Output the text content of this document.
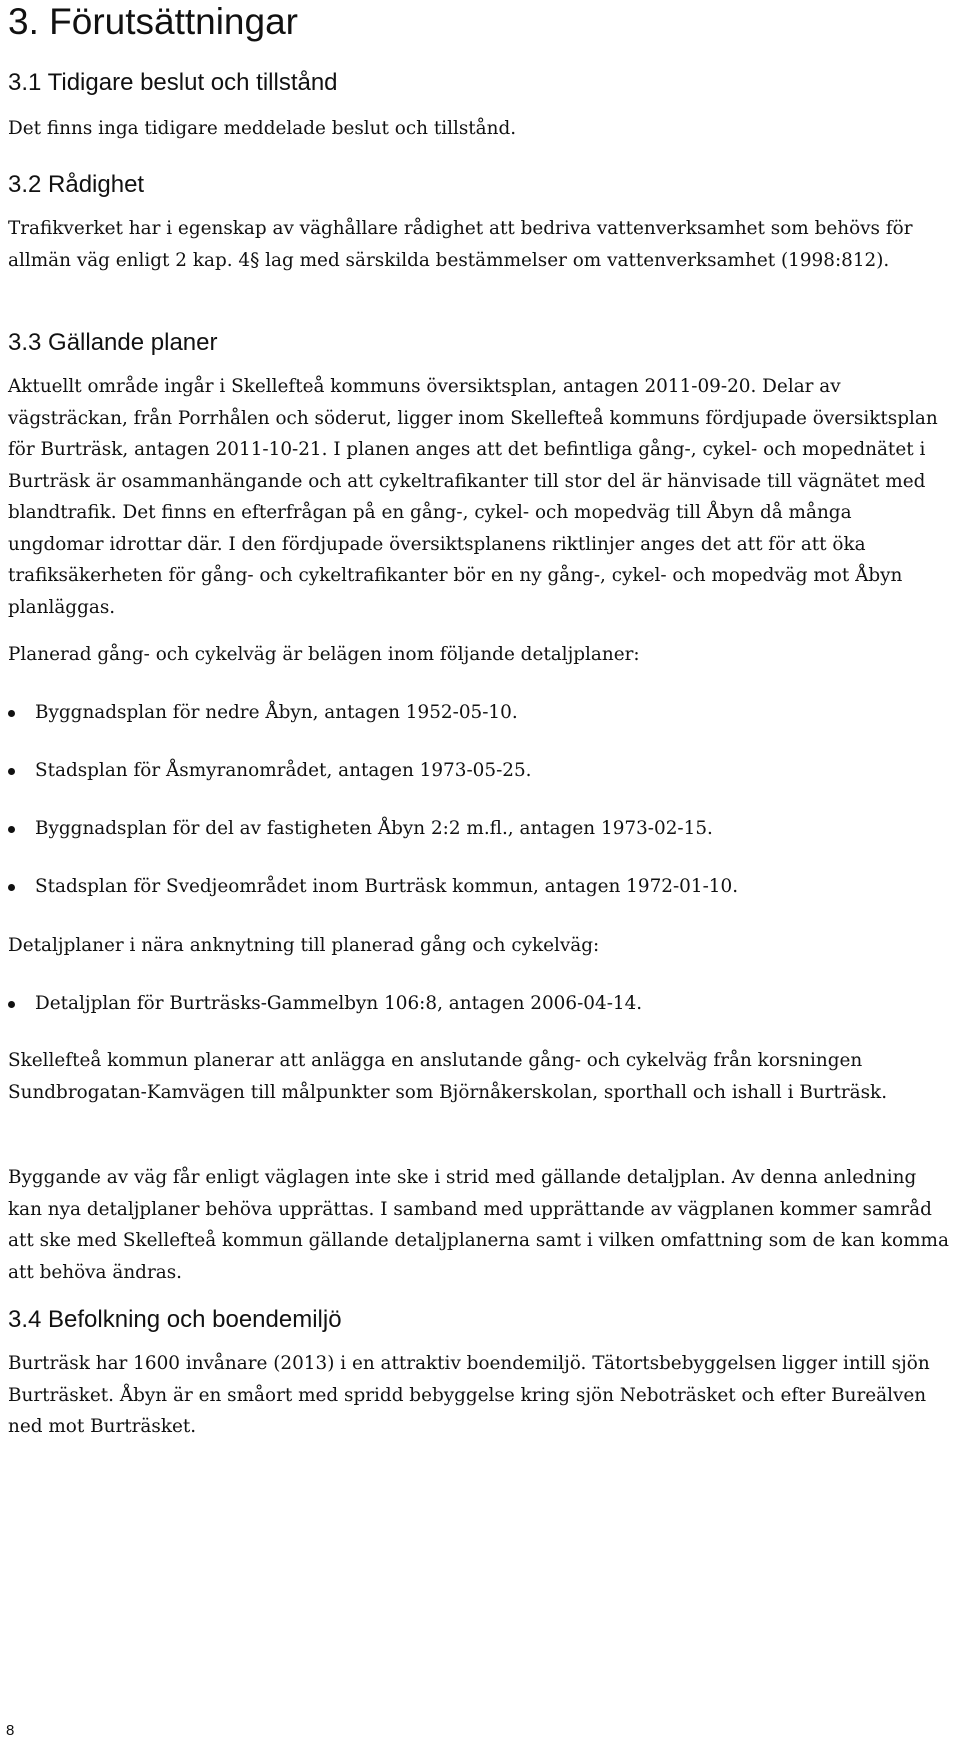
3. Förutsättningar
3.1 Tidigare beslut och tillstånd

Det finns inga tidigare meddelade beslut och tillstånd.

3.2 Rådighet

Trafikverket har i egenskap av väghållare rådighet att bedriva vattenverksamhet som behövs för allmän väg enligt 2 kap. 4§ lag med särskilda bestämmelser om vattenverksamhet (1998:812).

3.3 Gällande planer

Aktuellt område ingår i Skellefteå kommuns översiktsplan, antagen 2011-09-20. Delar av vägsträckan, från Porrhålen och söderut, ligger inom Skellefteå kommuns fördjupade översiktsplan för Burträsk, antagen 2011-10-21. I planen anges att det befintliga gång-, cykel- och mopednätet i Burträsk är osammanhängande och att cykeltrafikanter till stor del är hänvisade till vägnätet med blandtrafik. Det finns en efterfrågan på en gång-, cykel- och mopedväg till Åbyn då många ungdomar idrottar där. I den fördjupade översiktsplanens riktlinjer anges det att för att öka trafiksäkerheten för gång- och cykeltrafikanter bör en ny gång-, cykel- och mopedväg mot Åbyn planläggas.

Planerad gång- och cykelväg är belägen inom följande detaljplaner:

Byggnadsplan för nedre Åbyn, antagen 1952-05-10.
Stadsplan för Åsmyranområdet, antagen 1973-05-25.
Byggnadsplan för del av fastigheten Åbyn 2:2 m.fl., antagen 1973-02-15.
Stadsplan för Svedjeområdet inom Burträsk kommun, antagen 1972-01-10.

Detaljplaner i nära anknytning till planerad gång och cykelväg:

Detaljplan för Burträsks-Gammelbyn 106:8, antagen 2006-04-14.

Skellefteå kommun planerar att anlägga en anslutande gång- och cykelväg från korsningen Sundbrogatan-Kamvägen till målpunkter som Björnåkerskolan, sporthall och ishall i Burträsk.

Byggande av väg får enligt väglagen inte ske i strid med gällande detaljplan. Av denna anledning kan nya detaljplaner behöva upprättas. I samband med upprättande av vägplanen kommer samråd att ske med Skellefteå kommun gällande detaljplanerna samt i vilken omfattning som de kan komma att behöva ändras.

3.4 Befolkning och boendemiljö

Burträsk har 1600 invånare (2013) i en attraktiv boendemiljö. Tätortsbebyggelsen ligger intill sjön Burträsket. Åbyn är en småort med spridd bebyggelse kring sjön Neboträsket och efter Bureälven ned mot Burträsket.

8
